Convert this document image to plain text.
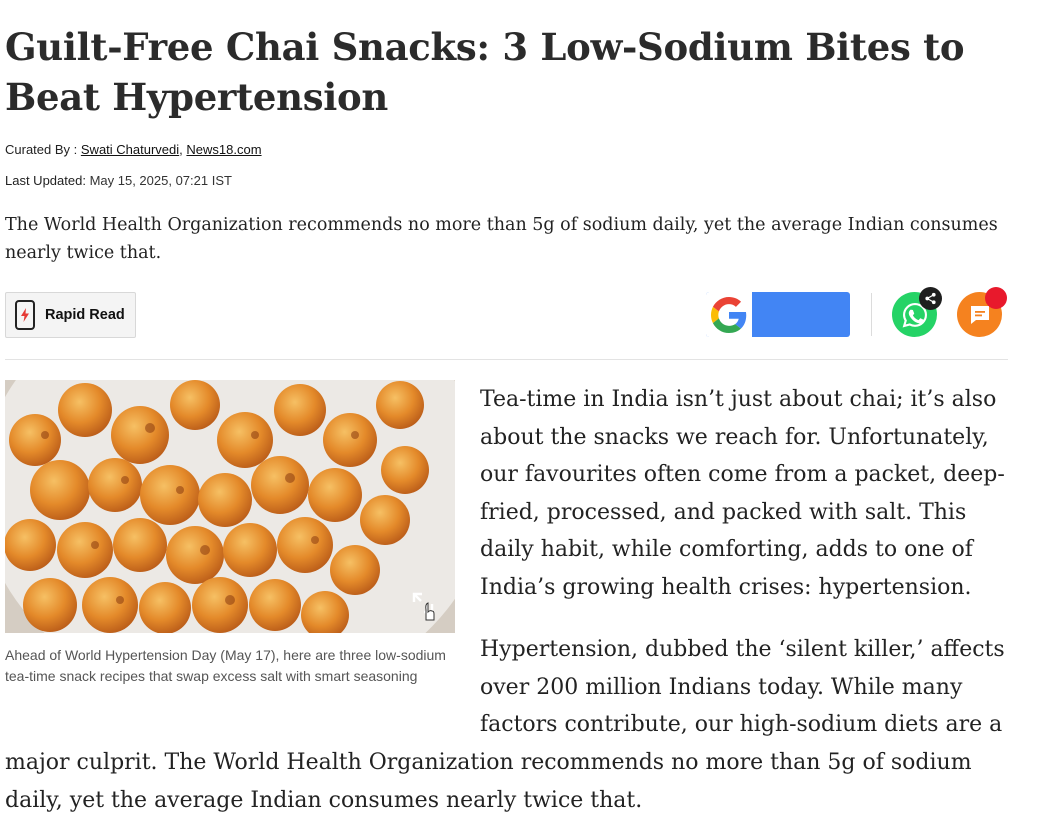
Guilt-Free Chai Snacks: 3 Low-Sodium Bites to Beat Hypertension
Curated By : Swati Chaturvedi, News18.com
Last Updated: May 15, 2025, 07:21 IST

The World Health Organization recommends no more than 5g of sodium daily, yet the average Indian consumes nearly twice that.

Rapid Read

Ahead of World Hypertension Day (May 17), here are three low-sodium tea-time snack recipes that swap excess salt with smart seasoning

Tea-time in India isn’t just about chai; it’s also about the snacks we reach for. Unfortunately, our favourites often come from a packet, deep-fried, processed, and packed with salt. This daily habit, while comforting, adds to one of India’s growing health crises: hypertension.

Hypertension, dubbed the ‘silent killer,’ affects over 200 million Indians today. While many factors contribute, our high-sodium diets are a

major culprit. The World Health Organization recommends no more than 5g of sodium daily, yet the average Indian consumes nearly twice that.
